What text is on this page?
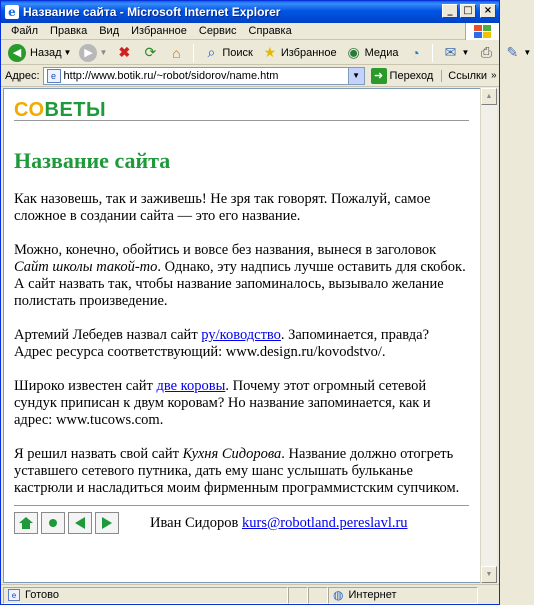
e Название сайта - Microsoft Internet Explorer	_	□	×
Файл	Правка	Вид	Избранное	Сервис	Справка
◀ Назад ▼	▶ ▼ ✖ ⟳	⌂	⌕ Поиск ★ Избранное ◉ Медиа ◔	✉ ▼ ⎙ ✎ ▼
Адрес:	e http://www.botik.ru/~robot/sidorov/name.htm	▼	➜ Переход	Ссылки »
СОВЕТЫ
Название сайта

Как назовешь, так и заживешь! Не зря так говорят. Пожалуй, самое сложное в создании сайта — это его название.

Можно, конечно, обойтись и вовсе без названия, вынеся в заголовок Сайт школы такой-то. Однако, эту надпись лучше оставить для скобок. А сайт назвать так, чтобы название запоминалось, вызывало желание полистать произведение.

Артемий Лебедев назвал сайт ру/ководство. Запоминается, правда? Адрес ресурса соответствующий: www.design.ru/kovodstvo/.

Широко известен сайт две коровы. Почему этот огромный сетевой сундук приписан к двум коровам? Но название запоминается, как и адрес: www.tucows.com.

Я решил назвать свой сайт Кухня Сидорова. Название должно отогреть уставшего сетевого путника, дать ему шанс услышать бульканье кастрюли и насладиться моим фирменным программистским супчиком.

Иван Сидоров kurs@robotland.pereslavl.ru
▲
▼
e Готово	◍ Интернет
